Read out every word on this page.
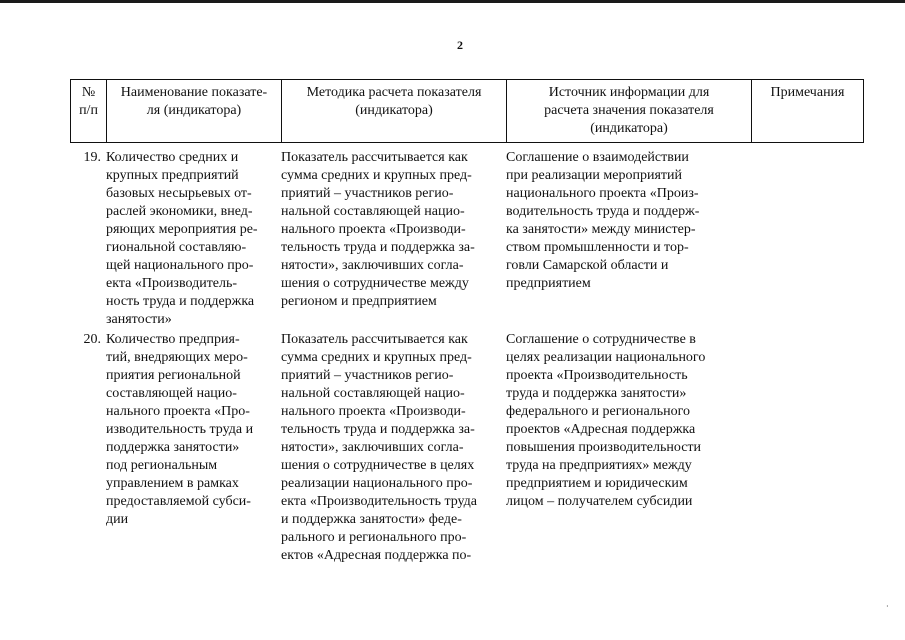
2
№
п/п
Наименование показате-
ля (индикатора)
Методика расчета показателя
(индикатора)
Источник информации для
расчета значения показателя
(индикатора)
Примечания
19. Количество средних и
крупных предприятий
базовых несырьевых от-
раслей экономики, внед-
ряющих мероприятия ре-
гиональной составляю-
щей национального про-
екта «Производитель-
ность труда и поддержка
занятости»
Показатель рассчитывается как
сумма средних и крупных пред-
приятий – участников регио-
нальной составляющей нацио-
нального проекта «Производи-
тельность труда и поддержка за-
нятости», заключивших согла-
шения о сотрудничестве между
регионом и предприятием
Соглашение о взаимодействии
при реализации мероприятий
национального проекта «Произ-
водительность труда и поддерж-
ка занятости» между министер-
ством промышленности и тор-
говли Самарской области и
предприятием
20. Количество предприя-
тий, внедряющих меро-
приятия региональной
составляющей нацио-
нального проекта «Про-
изводительность труда и
поддержка занятости»
под региональным
управлением в рамках
предоставляемой субси-
дии
Показатель рассчитывается как
сумма средних и крупных пред-
приятий – участников регио-
нальной составляющей нацио-
нального проекта «Производи-
тельность труда и поддержка за-
нятости», заключивших согла-
шения о сотрудничестве в целях
реализации национального про-
екта «Производительность труда
и поддержка занятости» феде-
рального и регионального про-
ектов «Адресная поддержка по-
Соглашение о сотрудничестве в
целях реализации национального
проекта «Производительность
труда и поддержка занятости»
федерального и регионального
проектов «Адресная поддержка
повышения производительности
труда на предприятиях» между
предприятием и юридическим
лицом – получателем субсидии
·
